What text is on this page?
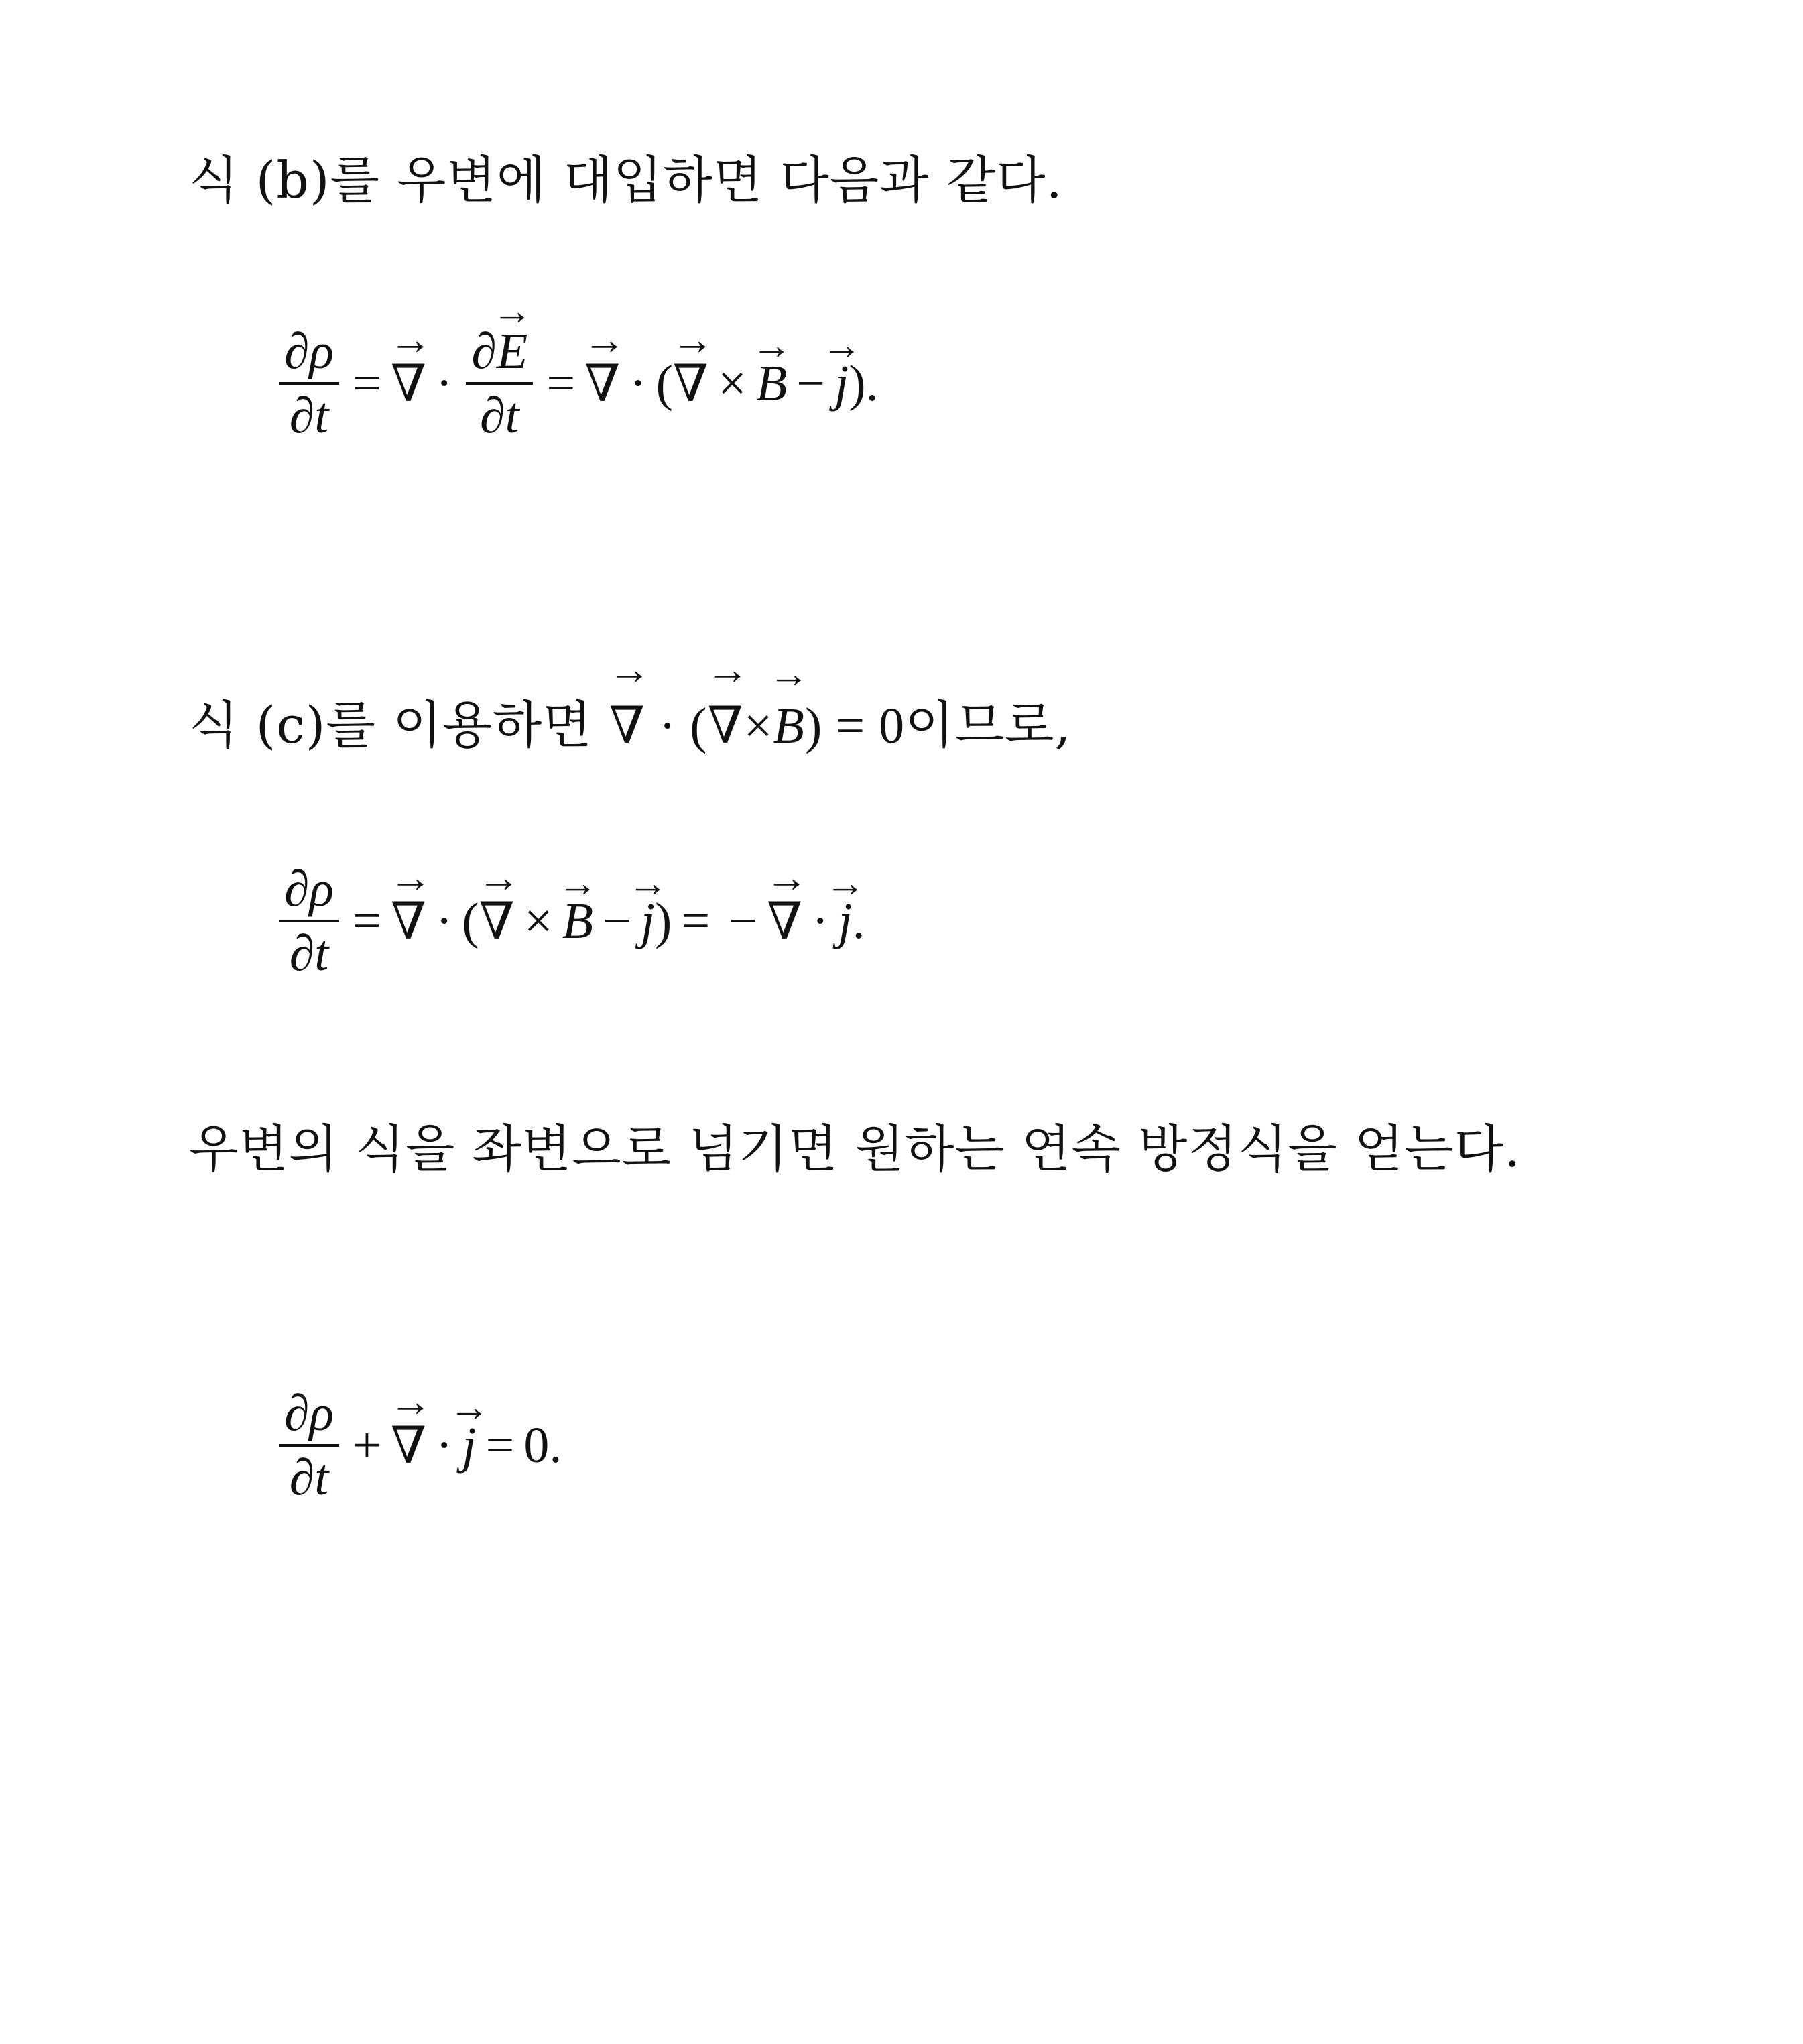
식 (b)를 우변에 대입하면 다음과 같다.
$\frac{\partial\rho}{\partial t}$ =
→
∇ · ∂
→
E
∂t =
→
∇ · (
→
∇ ×
→
B −
→
j ) .
식 (c)를 이용하면
→
∇ · (
→
∇×
→
B) = 0이므로,
$\frac{\partial\rho}{\partial t}$ =
→
∇ · (
→
∇ ×
→
B −
→
j ) = −
→
∇ ·
→
j .
우변의 식을 좌변으로 넘기면 원하는 연속 방정식을 얻는다.
$\frac{\partial\rho}{\partial t}$ +
→
∇ ·
→
j = 0 .
